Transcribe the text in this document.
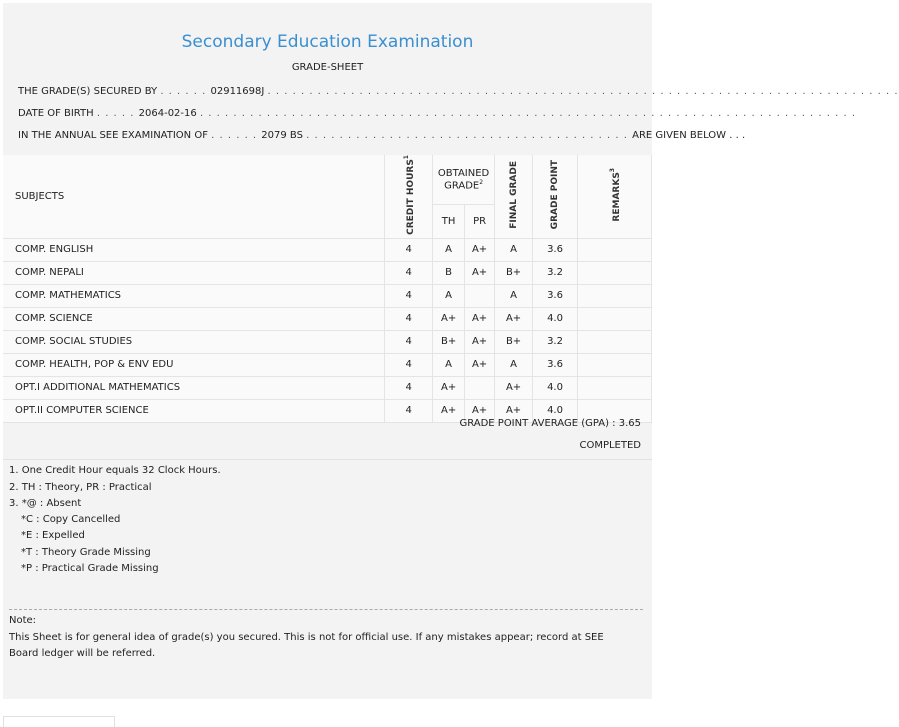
Secondary Education Examination
GRADE-SHEET
THE GRADE(S) SECURED BY . . . . . . 02911698J . . . . . . . . . . . . . . . . . . . . . . . . . . . . . . . . . . . . . . . . . . . . . . . . . . . . . . . . . . . . . . . . . . . . . . . . . . . .
DATE OF BIRTH . . . . . 2064-02-16 . . . . . . . . . . . . . . . . . . . . . . . . . . . . . . . . . . . . . . . . . . . . . . . . . . . . . . . . . . . . . . . . . . . . . . . . . . . . . . .
IN THE ANNUAL SEE EXAMINATION OF . . . . . . 2079 BS . . . . . . . . . . . . . . . . . . . . . . . . . . . . . . . . . . . . . . . ARE GIVEN BELOW . . .
SUBJECTS	CREDIT HOURS$^1$	OBTAINED GRADE$^2$		FINAL GRADE	GRADE POINT	REMARKS$^3$
		TH	PR			
COMP. ENGLISH	4	A	A+	A	3.6	
COMP. NEPALI	4	B	A+	B+	3.2	
COMP. MATHEMATICS	4	A		A	3.6	
COMP. SCIENCE	4	A+	A+	A+	4.0	
COMP. SOCIAL STUDIES	4	B+	A+	B+	3.2	
COMP. HEALTH, POP & ENV EDU	4	A	A+	A	3.6	
OPT.I ADDITIONAL MATHEMATICS	4	A+		A+	4.0	
OPT.II COMPUTER SCIENCE	4	A+	A+	A+	4.0	
GRADE POINT AVERAGE (GPA) : 3.65
COMPLETED
1. One Credit Hour equals 32 Clock Hours.
2. TH : Theory, PR : Practical
3. *@ : Absent
*C : Copy Cancelled
*E : Expelled
*T : Theory Grade Missing
*P : Practical Grade Missing
Note:
This Sheet is for general idea of grade(s) you secured. This is not for official use. If any mistakes appear; record at SEE Board ledger will be referred.
